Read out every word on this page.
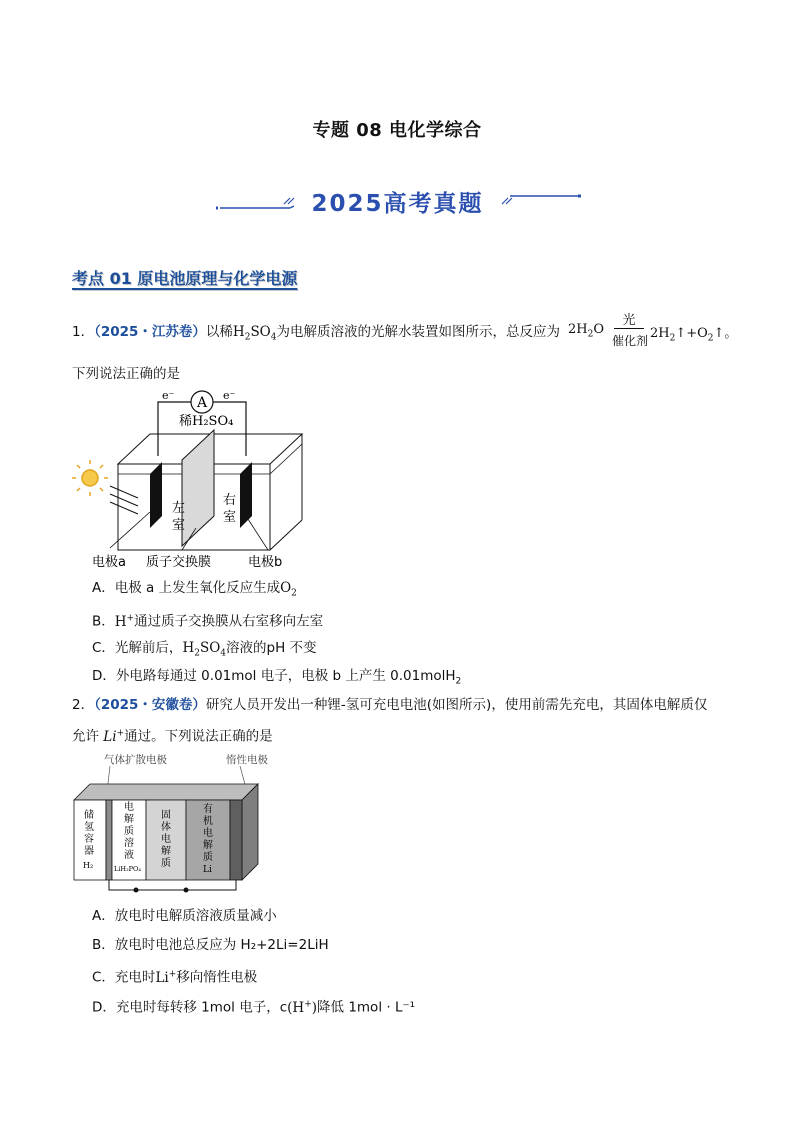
专题 08 电化学综合
2025高考真题
考点 01 原电池原理与化学电源
1．（2025・江苏卷）以稀$H_2SO_4$为电解质溶液的光解水装置如图所示，总反应为 $2H_2O$
光
催化剂 $2H_2↑+O_2↑$。
下列说法正确的是
A
e⁻	e⁻
稀H₂SO₄
左
室
右
室
电极a 质子交换膜	电极b
A．电极 a 上发生氧化反应生成$O_2$
B．H+通过质子交换膜从右室移向左室
C．光解前后，$H_2SO_4$溶液的pH 不变
D．外电路每通过 0.01mol 电子，电极 b 上产生 0.01molH$_2$
2．（2025・安徽卷）研究人员开发出一种锂-氢可充电电池(如图所示)，使用前需先充电，其固体电解质仅
允许 Li+通过。下列说法正确的是
气体扩散电极	惰性电极
储
氢
容
器
H₂
电
解
质
溶
液
LiH₂PO₄
固
体
电
解
质
有
机
电
解
质
Li
A．放电时电解质溶液质量减小
B．放电时电池总反应为 H₂+2Li=2LiH
C．充电时Li+移向惰性电极
D．充电时每转移 1mol 电子，c(H+)降低 1mol · L⁻¹
